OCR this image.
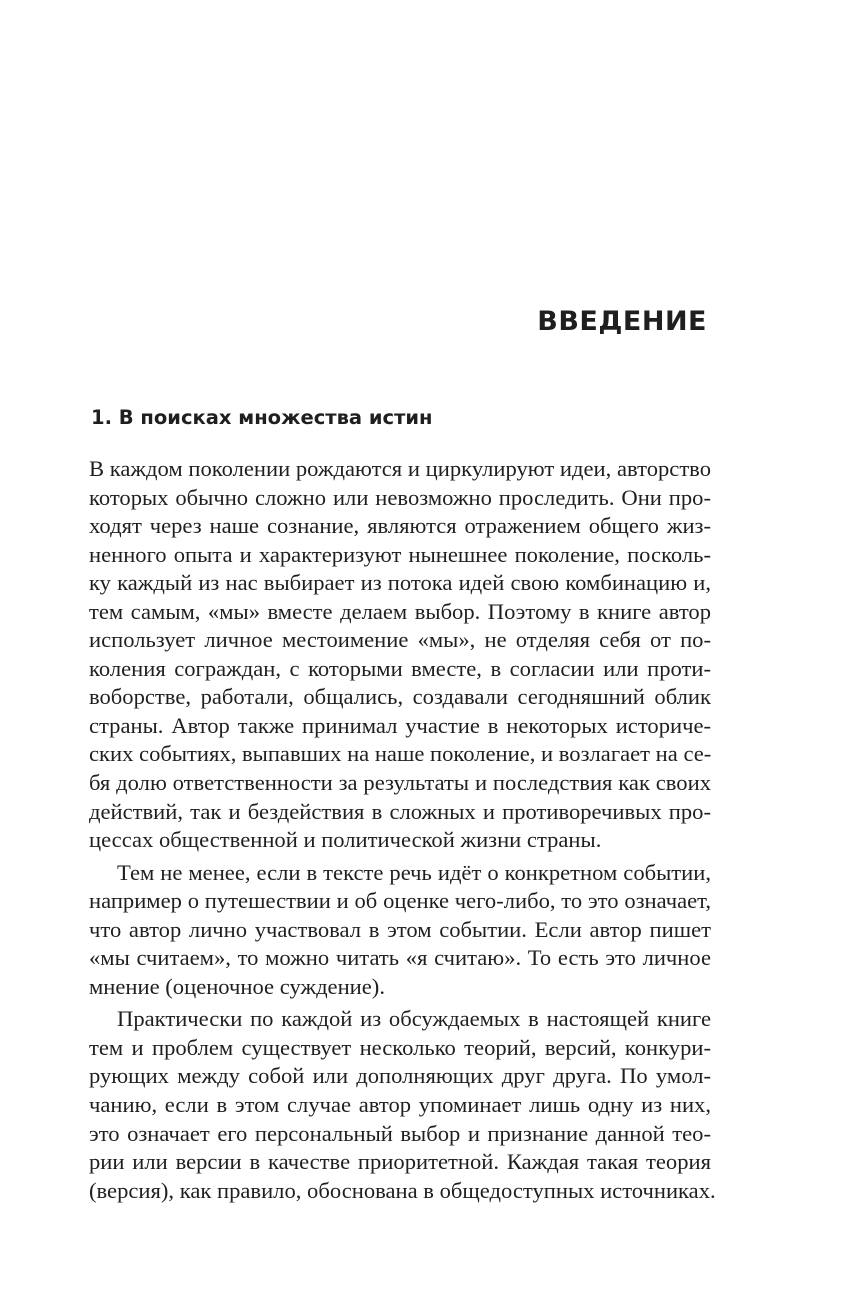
ВВЕДЕНИЕ
1. В поисках множества истин
В каждом поколении рождаются и циркулируют идеи, авторство
которых обычно сложно или невозможно проследить. Они про-
ходят через наше сознание, являются отражением общего жиз-
ненного опыта и характеризуют нынешнее поколение, посколь-
ку каждый из нас выбирает из потока идей свою комбинацию и,
тем самым, «мы» вместе делаем выбор. Поэтому в книге автор
использует личное местоимение «мы», не отделяя себя от по-
коления сограждан, с которыми вместе, в согласии или проти-
воборстве, работали, общались, создавали сегодняшний облик
страны. Автор также принимал участие в некоторых историче-
ских событиях, выпавших на наше поколение, и возлагает на се-
бя долю ответственности за результаты и последствия как своих
действий, так и бездействия в сложных и противоречивых про-
цессах общественной и политической жизни страны.
Тем не менее, если в тексте речь идёт о конкретном событии,
например о путешествии и об оценке чего-либо, то это означает,
что автор лично участвовал в этом событии. Если автор пишет
«мы считаем», то можно читать «я считаю». То есть это личное
мнение (оценочное суждение).
Практически по каждой из обсуждаемых в настоящей книге
тем и проблем существует несколько теорий, версий, конкури-
рующих между собой или дополняющих друг друга. По умол-
чанию, если в этом случае автор упоминает лишь одну из них,
это означает его персональный выбор и признание данной тео-
рии или версии в качестве приоритетной. Каждая такая теория
(версия), как правило, обоснована в общедоступных источниках.
